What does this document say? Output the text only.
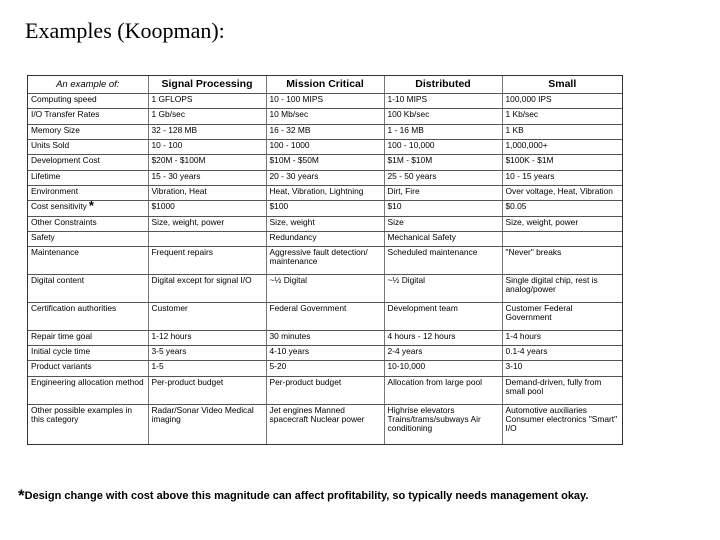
Examples (Koopman):
An example of:	Signal Processing	Mission Critical	Distributed	Small
Computing speed	1 GFLOPS	10 - 100 MIPS	1-10 MIPS	100,000 IPS
I/O Transfer Rates	1 Gb/sec	10 Mb/sec	100 Kb/sec	1 Kb/sec
Memory Size	32 - 128 MB	16 - 32 MB	1 - 16 MB	1 KB
Units Sold	10 - 100	100 - 1000	100 - 10,000	1,000,000+
Development Cost	$20M - $100M	$10M - $50M	$1M - $10M	$100K - $1M
Lifetime	15 - 30 years	20 - 30 years	25 - 50 years	10 - 15 years
Environment	Vibration, Heat	Heat, Vibration, Lightning	Dirt, Fire	Over voltage, Heat, Vibration
Cost sensitivity *	$1000	$100	$10	$0.05
Other Constraints	Size, weight, power	Size, weight	Size	Size, weight, power
Safety		Redundancy	Mechanical Safety	
Maintenance	Frequent repairs	Aggressive fault detection/ maintenance	Scheduled maintenance	"Never" breaks
Digital content	Digital except for signal I/O	~½ Digital	~½ Digital	Single digital chip, rest is analog/power
Certification authorities	Customer	Federal Government	Development team	Customer Federal Government
Repair time goal	1-12 hours	30 minutes	4 hours - 12 hours	1-4 hours
Initial cycle time	3-5 years	4-10 years	2-4 years	0.1-4 years
Product variants	1-5	5-20	10-10,000	3-10
Engineering allocation method	Per-product budget	Per-product budget	Allocation from large pool	Demand-driven, fully from small pool
Other possible examples in this category	Radar/Sonar Video Medical imaging	Jet engines Manned spacecraft Nuclear power	Highrise elevators Trains/trams/subways Air conditioning	Automotive auxiliaries Consumer electronics "Smart" I/O
*Design change with cost above this magnitude can affect profitability, so typically needs management okay.
